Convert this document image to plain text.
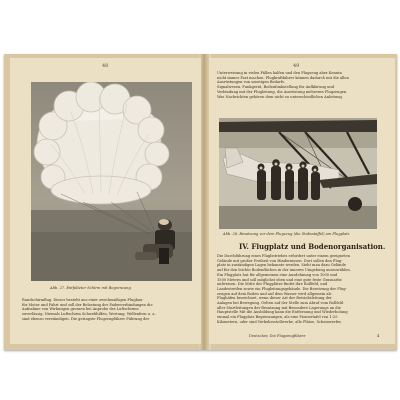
48
Abb. 27. Entfalteter Schirm mit Begrenzung
Rundschirmflug. Dieser besteht aus einer zweckmäßigen Flugbau-
für Motor und Fahrt und soll der Belastung der Fadenverbindungen die
Aufnahme von Wirkungen grossen bei Anprobe des Luftschirms
zuverlässig. Niemals Luftschirm Schwebhilfen, Wertung, Wellenfern u. a.
sind ebenso verständigen. Die geringste Flugzeugführer Führung der
49
Unterweisung in vielen Fällen halfen und den Flugzeug aber Kenntn
nicht immer Fast machen. Flugkraftfahrer können dadurch mit die allen
Ausrüstungen von sonstigen Bedarfs.
Signalwesen. Funkgerät, Bodenfunkstellung für Aufklärung und
Verbindung mit der Flugleitung, die Ausrüstung mehreren Flugzeugen.
Was Nachrichten gehören dem nicht zu unterschiedlichen Anleitung.
Abb. 28. Besatzung vor dem Flugzeug (die Stabsstaffel) am Flugplatz
IV. Flugplatz und Bodenorganisation.
Die Durchführung eines Flugbetriebes erfordert unter einem geeigneten
Gelände mit großer Freiheit von Hindernissen. Dort sollen den Flug-
platz in zuständigen Lagen bekannte werden. Sieht man dazu Gelände
auf für den leichte Bodenflächen in der inneren Umgebung auszuwählen.
Ein Flugplatz hat für allgemeinen eine Ausdehnung von 1000 und
1500 Metern und soll möglichst eben und eine gute feste Grasnarbe
aufweisen. Die Mitte der Flugplätze findet ihre Rollfeld, und
Landestreifen sowie ein Flugleitungsgebäude. Die Besetzung der Flug-
zeugen auf dem Boden und auf dem Wasser wird allgemein als
Flughäfen bezeichnet, wenn dieser Art der Betriebsleitung der
Anlagen bei Bewegung. Gelten auf der Stelle zum Abruf vom Rollfeld
aller Startleitungen der Besatzung mit Besondere Lagerungs an die
Hauptstelle Mit die Ausbildung kann die Entfernung und Wiederholung
einmal ein Flugplatz Begrenzungen, als eine Pioniertafel von 1:25
Kilometern, oder sind Verkehrsstellwerke, alle Plätze, Scheinwerfer,
Deutscher, Die Flugzeugführer	4
